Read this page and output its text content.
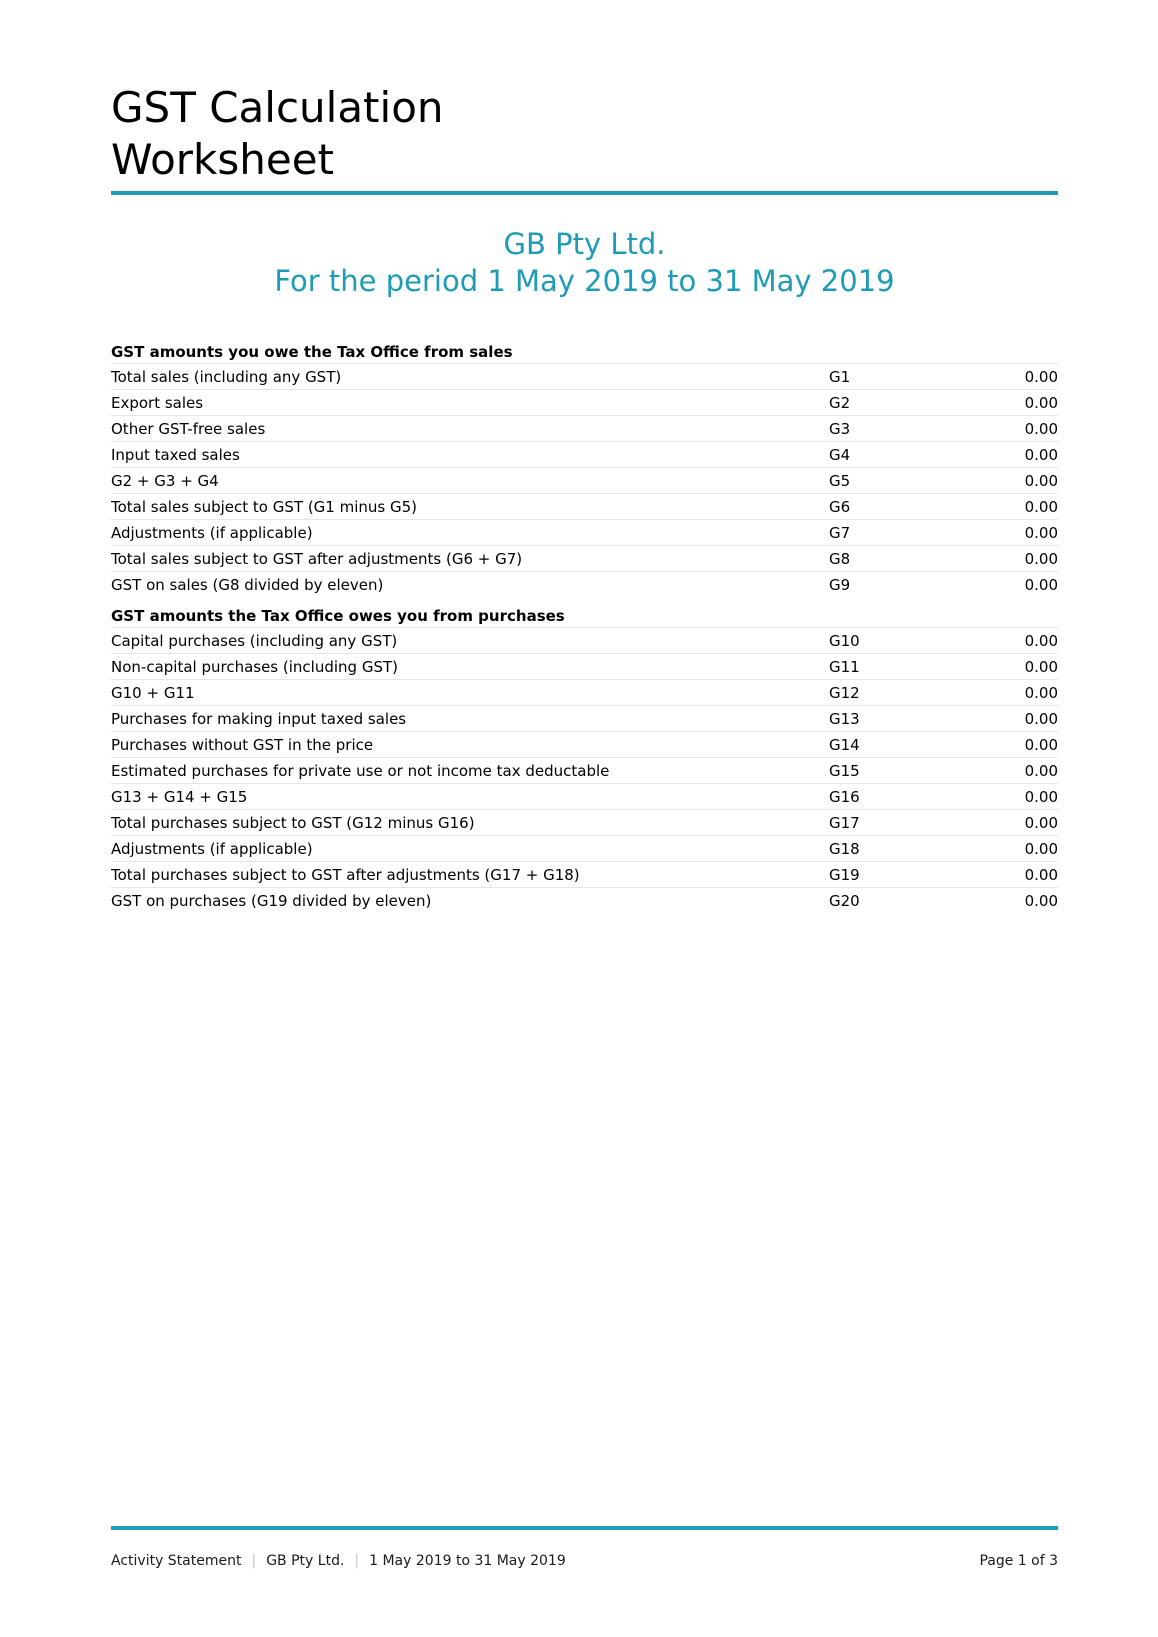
GST Calculation
Worksheet
GB Pty Ltd.
For the period 1 May 2019 to 31 May 2019
GST amounts you owe the Tax Office from sales
Total sales (including any GST)	G1	0.00
Export sales	G2	0.00
Other GST-free sales	G3	0.00
Input taxed sales	G4	0.00
G2 + G3 + G4	G5	0.00
Total sales subject to GST (G1 minus G5)	G6	0.00
Adjustments (if applicable)	G7	0.00
Total sales subject to GST after adjustments (G6 + G7)	G8	0.00
GST on sales (G8 divided by eleven)	G9	0.00
GST amounts the Tax Office owes you from purchases
Capital purchases (including any GST)	G10	0.00
Non-capital purchases (including GST)	G11	0.00
G10 + G11	G12	0.00
Purchases for making input taxed sales	G13	0.00
Purchases without GST in the price	G14	0.00
Estimated purchases for private use or not income tax deductable	G15	0.00
G13 + G14 + G15	G16	0.00
Total purchases subject to GST (G12 minus G16)	G17	0.00
Adjustments (if applicable)	G18	0.00
Total purchases subject to GST after adjustments (G17 + G18)	G19	0.00
GST on purchases (G19 divided by eleven)	G20	0.00
Activity Statement | GB Pty Ltd. | 1 May 2019 to 31 May 2019	Page 1 of 3
